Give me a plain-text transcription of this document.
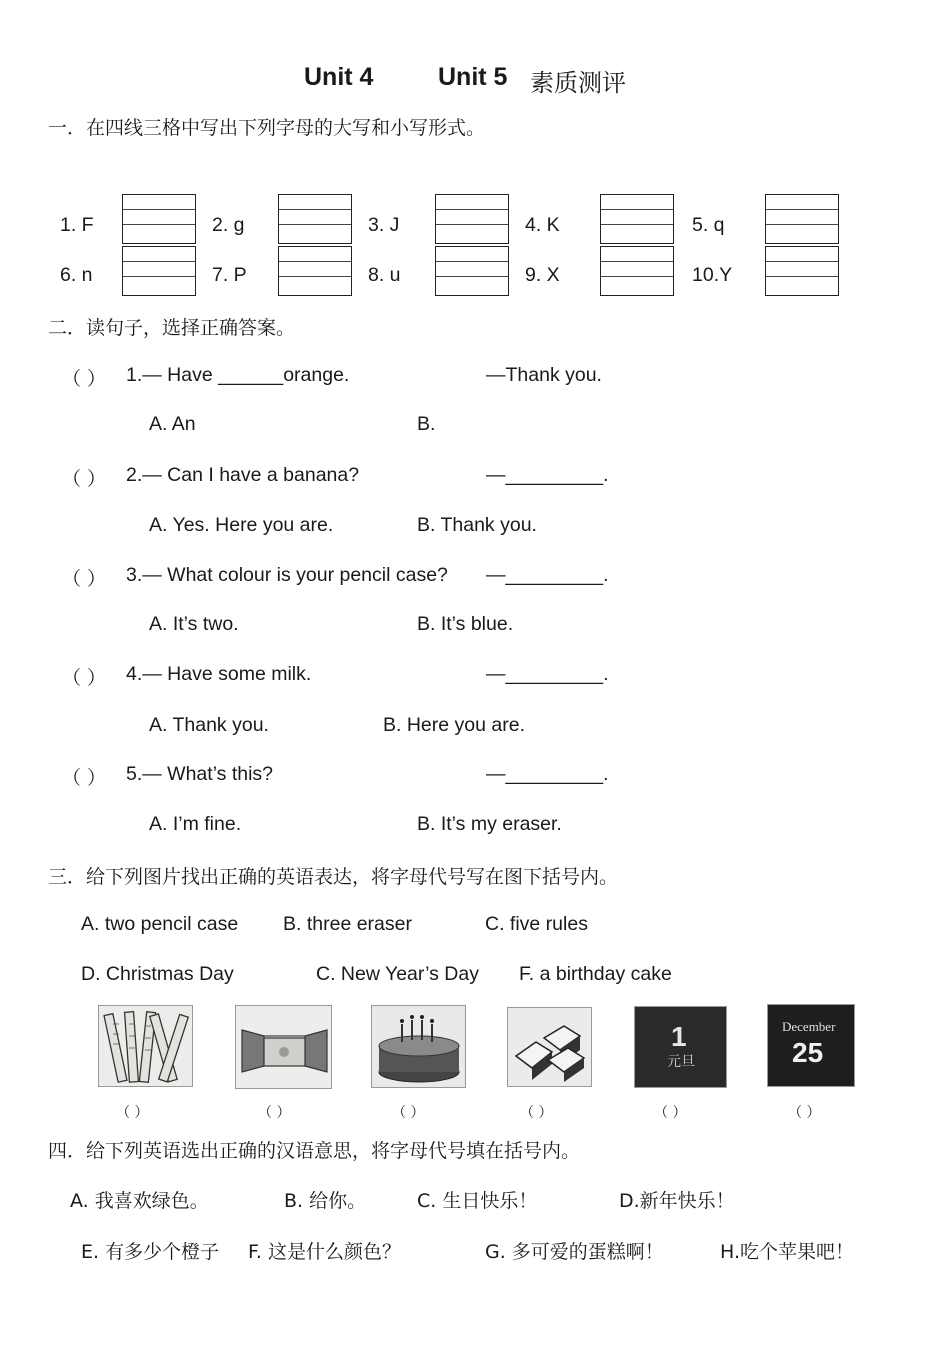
Unit 4	Unit 5 素质测评
一．在四线三格中写出下列字母的大写和小写形式。
1. F	2. g	3. J	4. K	5. q
6. n	7. P	8. u	9. X	10.Y
二．读句子，选择正确答案。
（ ） 1.— Have ______orange.	—Thank you.
A. An	B.
（ ） 2.— Can I have a banana?	—_________.
A. Yes. Here you are.	B. Thank you.
（ ） 3.— What colour is your pencil case? —_________.
A. It’s two.	B. It’s blue.
（ ） 4.— Have some milk.	—_________.
A. Thank you.	B. Here you are.
（ ） 5.— What’s this?	—_________.
A. I’m fine.	B. It’s my eraser.
三．给下列图片找出正确的英语表达，将字母代号写在图下括号内。
A. two pencil case B. three eraser	C. five rules
D. Christmas Day	C. New Year’s Day F. a birthday cake
1
元旦
December
25
（ ）	（ ）	（ ）	（ ）	（ ）	（ ）
四．给下列英语选出正确的汉语意思，将字母代号填在括号内。
A. 我喜欢绿色。	B. 给你。	C. 生日快乐！	D.新年快乐！
E. 有多少个橙子 F. 这是什么颜色？	G. 多可爱的蛋糕啊！	H.吃个苹果吧！
